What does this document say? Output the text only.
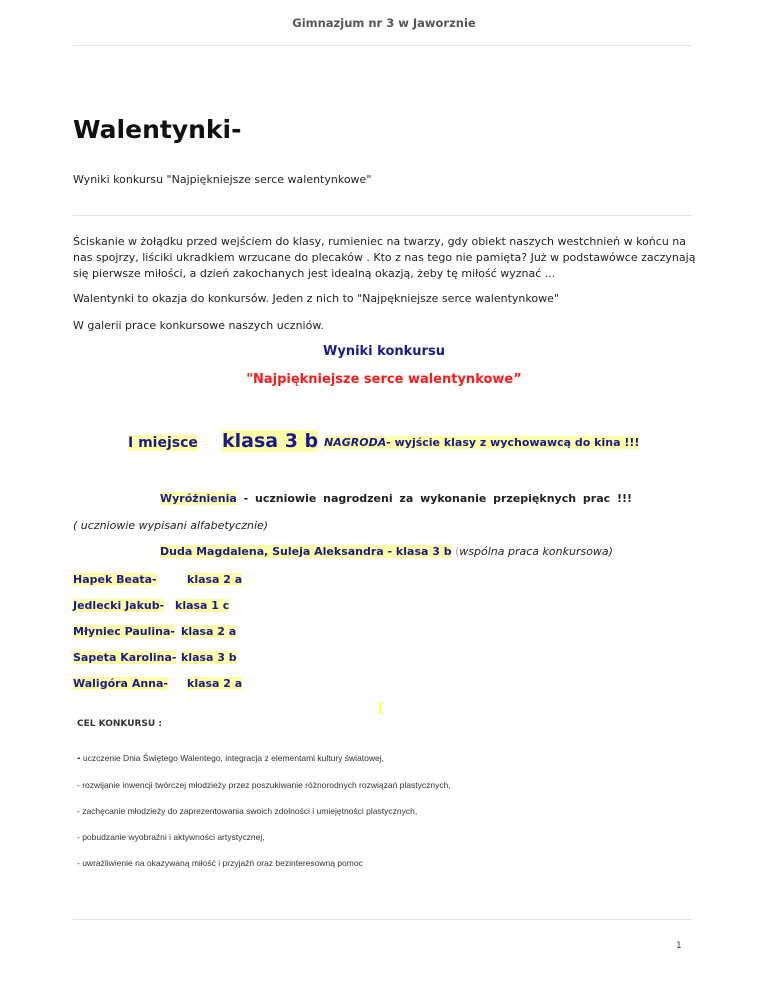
Gimnazjum nr 3 w Jaworznie
Walentynki-
Wyniki konkursu "Najpiękniejsze serce walentynkowe"
Ściskanie w żołądku przed wejściem do klasy, rumieniec na twarzy, gdy obiekt naszych westchnień w końcu na nas spojrzy, liściki ukradkiem wrzucane do plecaków . Kto z nas tego nie pamięta? Już w podstawówce zaczynają się pierwsze miłości, a dzień zakochanych jest idealną okazją, żeby tę miłość wyznać ...
Walentynki to okazja do konkursów. Jeden z nich to "Najpękniejsze serce walentynkowe"
W galerii prace konkursowe naszych uczniów.
Wyniki konkursu
"Najpiękniejsze serce walentynkowe”
I miejsce klasa 3 b NAGRODA- wyjście klasy z wychowawcą do kina !!!
Wyróżnienia - uczniowie nagrodzeni za wykonanie przepięknych prac !!!
( uczniowie wypisani alfabetycznie)
Duda Magdalena, Suleja Aleksandra - klasa 3 b (wspólna praca konkursowa)
Hapek Beata-	klasa 2 a
Jedlecki Jakub- klasa 1 c
Młyniec Paulina- klasa 2 a
Sapeta Karolina- klasa 3 b
Waligóra Anna- klasa 2 a
CEL KONKURSU :
- uczczenie Dnia Świętego Walentego, integracja z elementami kultury światowej,
- rozwijanie inwencji twórczej młodzieży przez poszukiwanie różnorodnych rozwiązań plastycznych,
- zachęcanie młodzieży do zaprezentowania swoich zdolności i umiejętności plastycznych,
- pobudzanie wyobraźni i aktywności artystycznej,
- uwrażliwienie na okazywaną miłość i przyjaźń oraz bezinteresowną pomoc
1
